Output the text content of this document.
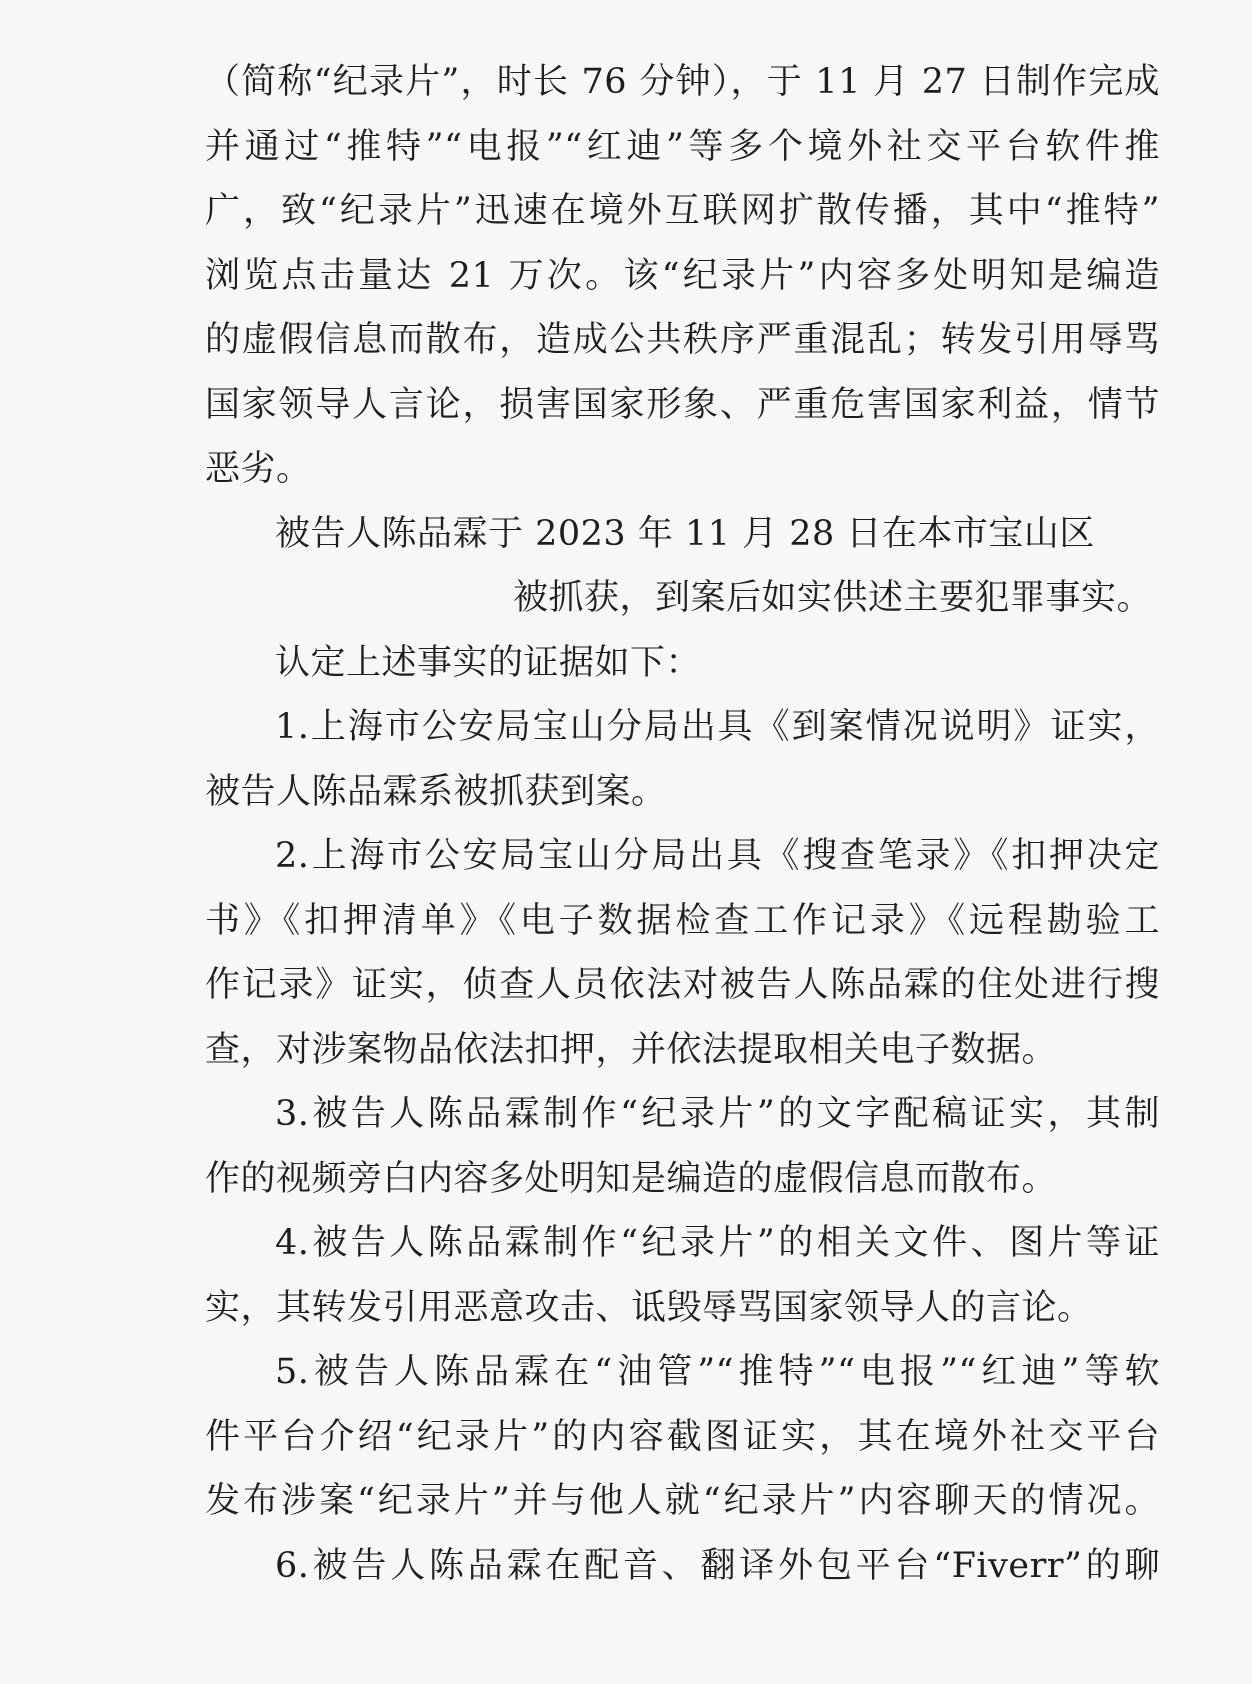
（简称“纪录片”，时长 76 分钟），于 11 月 27 日制作完成
并通过“推特”“电报”“红迪”等多个境外社交平台软件推
广，致“纪录片”迅速在境外互联网扩散传播，其中“推特”
浏览点击量达 21 万次。该“纪录片”内容多处明知是编造
的虚假信息而散布，造成公共秩序严重混乱；转发引用辱骂
国家领导人言论，损害国家形象、严重危害国家利益，情节
恶劣。
被告人陈品霖于 2023 年 11 月 28 日在本市宝山区
被抓获，到案后如实供述主要犯罪事实。
认定上述事实的证据如下：
1.上海市公安局宝山分局出具《到案情况说明》证实，
被告人陈品霖系被抓获到案。
2.上海市公安局宝山分局出具《搜查笔录》《扣押决定
书》《扣押清单》《电子数据检查工作记录》《远程勘验工
作记录》证实，侦查人员依法对被告人陈品霖的住处进行搜
查，对涉案物品依法扣押，并依法提取相关电子数据。
3.被告人陈品霖制作“纪录片”的文字配稿证实，其制
作的视频旁白内容多处明知是编造的虚假信息而散布。
4.被告人陈品霖制作“纪录片”的相关文件、图片等证
实，其转发引用恶意攻击、诋毁辱骂国家领导人的言论。
5.被告人陈品霖在“油管”“推特”“电报”“红迪”等软
件平台介绍“纪录片”的内容截图证实，其在境外社交平台
发布涉案“纪录片”并与他人就“纪录片”内容聊天的情况。
6.被告人陈品霖在配音、翻译外包平台“Fiverr”的聊
